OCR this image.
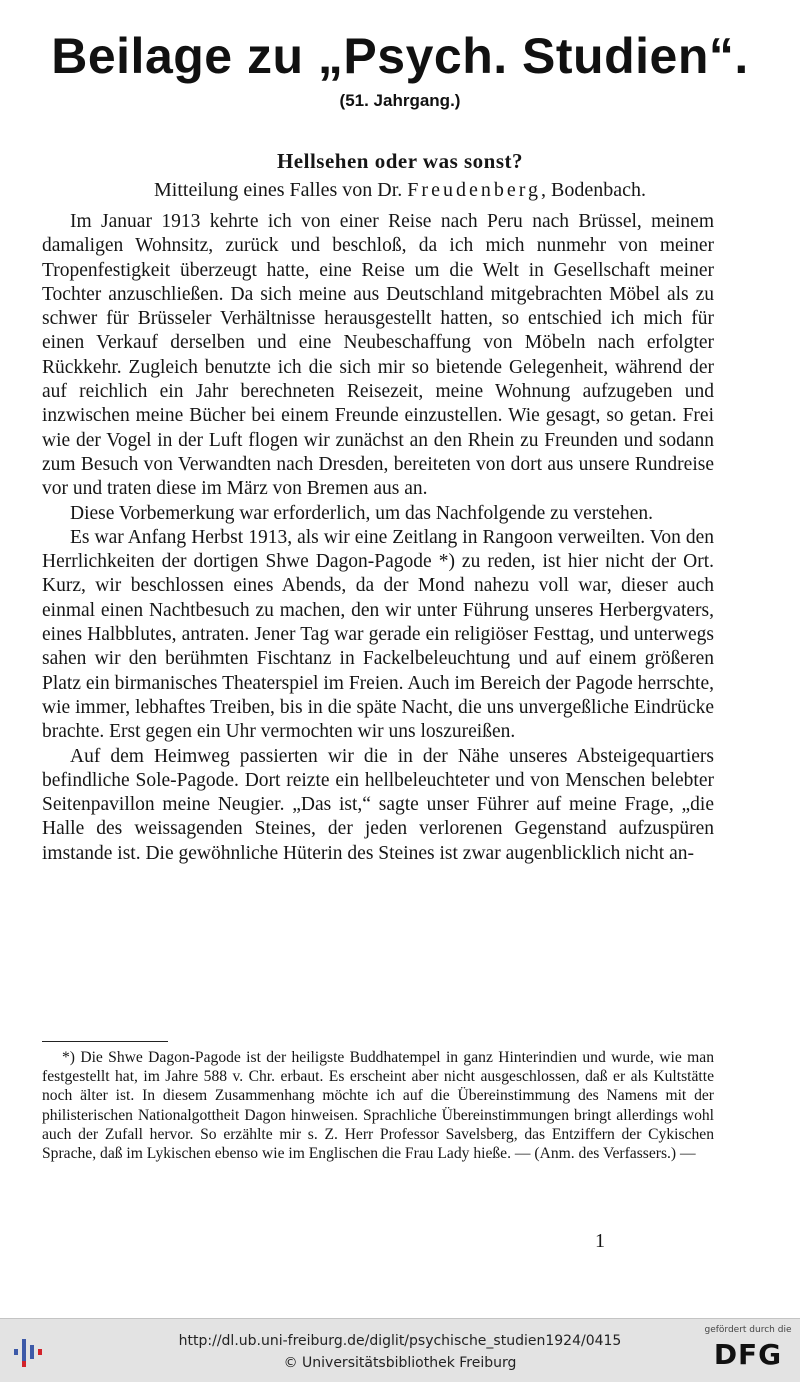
Beilage zu „Psych. Studien“.
(51. Jahrgang.)
Hellsehen oder was sonst?
Mitteilung eines Falles von Dr. Freudenberg, Bodenbach.

Im Januar 1913 kehrte ich von einer Reise nach Peru nach Brüssel, meinem damaligen Wohnsitz, zurück und beschloß, da ich mich nunmehr von meiner Tropenfestigkeit überzeugt hatte, eine Reise um die Welt in Gesellschaft meiner Tochter anzuschließen. Da sich meine aus Deutschland mitgebrachten Möbel als zu schwer für Brüsseler Verhältnisse herausgestellt hatten, so entschied ich mich für einen Verkauf derselben und eine Neubeschaffung von Möbeln nach erfolgter Rückkehr. Zugleich benutzte ich die sich mir so bietende Gelegenheit, während der auf reichlich ein Jahr berechneten Reisezeit, meine Wohnung aufzugeben und inzwischen meine Bücher bei einem Freunde einzustellen. Wie gesagt, so getan. Frei wie der Vogel in der Luft flogen wir zunächst an den Rhein zu Freunden und sodann zum Besuch von Verwandten nach Dresden, bereiteten von dort aus unsere Rundreise vor und traten diese im März von Bremen aus an.

Diese Vorbemerkung war erforderlich, um das Nachfolgende zu verstehen.

Es war Anfang Herbst 1913, als wir eine Zeitlang in Rangoon verweilten. Von den Herrlichkeiten der dortigen Shwe Dagon-Pagode *) zu reden, ist hier nicht der Ort. Kurz, wir beschlossen eines Abends, da der Mond nahezu voll war, dieser auch einmal einen Nachtbesuch zu machen, den wir unter Führung unseres Herbergvaters, eines Halbblutes, antraten. Jener Tag war gerade ein religiöser Festtag, und unterwegs sahen wir den berühmten Fischtanz in Fackelbeleuchtung und auf einem größeren Platz ein birmanisches Theaterspiel im Freien. Auch im Bereich der Pagode herrschte, wie immer, lebhaftes Treiben, bis in die späte Nacht, die uns unvergeßliche Eindrücke brachte. Erst gegen ein Uhr vermochten wir uns loszureißen.

Auf dem Heimweg passierten wir die in der Nähe unseres Absteigequartiers befindliche Sole-Pagode. Dort reizte ein hellbeleuchteter und von Menschen belebter Seitenpavillon meine Neugier. „Das ist,“ sagte unser Führer auf meine Frage, „die Halle des weissagenden Steines, der jeden verlorenen Gegenstand aufzuspüren imstande ist. Die gewöhnliche Hüterin des Steines ist zwar augenblicklich nicht an-

*) Die Shwe Dagon-Pagode ist der heiligste Buddhatempel in ganz Hinterindien und wurde, wie man festgestellt hat, im Jahre 588 v. Chr. erbaut. Es erscheint aber nicht ausgeschlossen, daß er als Kultstätte noch älter ist. In diesem Zusammenhang möchte ich auf die Übereinstimmung des Namens mit der philisterischen Nationalgottheit Dagon hinweisen. Sprachliche Übereinstimmungen bringt allerdings wohl auch der Zufall hervor. So erzählte mir s. Z. Herr Professor Savelsberg, das Entziffern der Cykischen Sprache, daß im Lykischen ebenso wie im Englischen die Frau Lady hieße. — (Anm. des Verfassers.) —

1
http://dl.ub.uni-freiburg.de/diglit/psychische_studien1924/0415
© Universitätsbibliothek Freiburg
gefördert durch die
DFG
